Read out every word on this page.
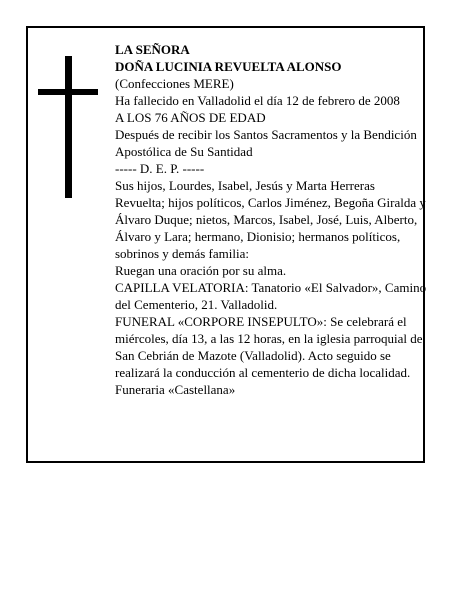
LA SEÑORA
DOÑA LUCINIA REVUELTA ALONSO
(Confecciones MERE)
Ha fallecido en Valladolid el día 12 de febrero de 2008
A LOS 76 AÑOS DE EDAD
Después de recibir los Santos Sacramentos y la Bendición Apostólica de Su Santidad
----- D. E. P. -----
Sus hijos, Lourdes, Isabel, Jesús y Marta Herreras Revuelta; hijos políticos, Carlos Jiménez, Begoña Giralda y Álvaro Duque; nietos, Marcos, Isabel, José, Luis, Alberto, Álvaro y Lara; hermano, Dionisio; hermanos políticos, sobrinos y demás familia:
Ruegan una oración por su alma.
CAPILLA VELATORIA: Tanatorio «El Salvador», Camino del Cementerio, 21. Valladolid.
FUNERAL «CORPORE INSEPULTO»: Se celebrará el miércoles, día 13, a las 12 horas, en la iglesia parroquial de San Cebrián de Mazote (Valladolid). Acto seguido se realizará la conducción al cementerio de dicha localidad.
Funeraria «Castellana»
